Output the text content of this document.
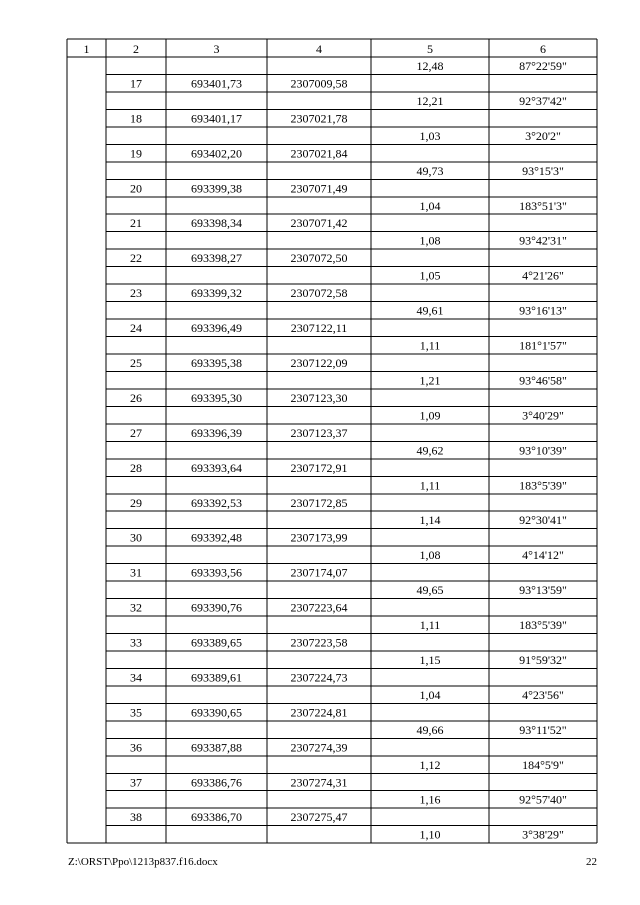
1	2	3	4	5	6
12,48	87°22'59"
17	693401,73	2307009,58
12,21	92°37'42"
18	693401,17	2307021,78
1,03	3°20'2"
19	693402,20	2307021,84
49,73	93°15'3"
20	693399,38	2307071,49
1,04	183°51'3"
21	693398,34	2307071,42
1,08	93°42'31"
22	693398,27	2307072,50
1,05	4°21'26"
23	693399,32	2307072,58
49,61	93°16'13"
24	693396,49	2307122,11
1,11	181°1'57"
25	693395,38	2307122,09
1,21	93°46'58"
26	693395,30	2307123,30
1,09	3°40'29"
27	693396,39	2307123,37
49,62	93°10'39"
28	693393,64	2307172,91
1,11	183°5'39"
29	693392,53	2307172,85
1,14	92°30'41"
30	693392,48	2307173,99
1,08	4°14'12"
31	693393,56	2307174,07
49,65	93°13'59"
32	693390,76	2307223,64
1,11	183°5'39"
33	693389,65	2307223,58
1,15	91°59'32"
34	693389,61	2307224,73
1,04	4°23'56"
35	693390,65	2307224,81
49,66	93°11'52"
36	693387,88	2307274,39
1,12	184°5'9"
37	693386,76	2307274,31
1,16	92°57'40"
38	693386,70	2307275,47
1,10	3°38'29"
Z:\ORST\Ppo\1213p837.f16.docx	22
